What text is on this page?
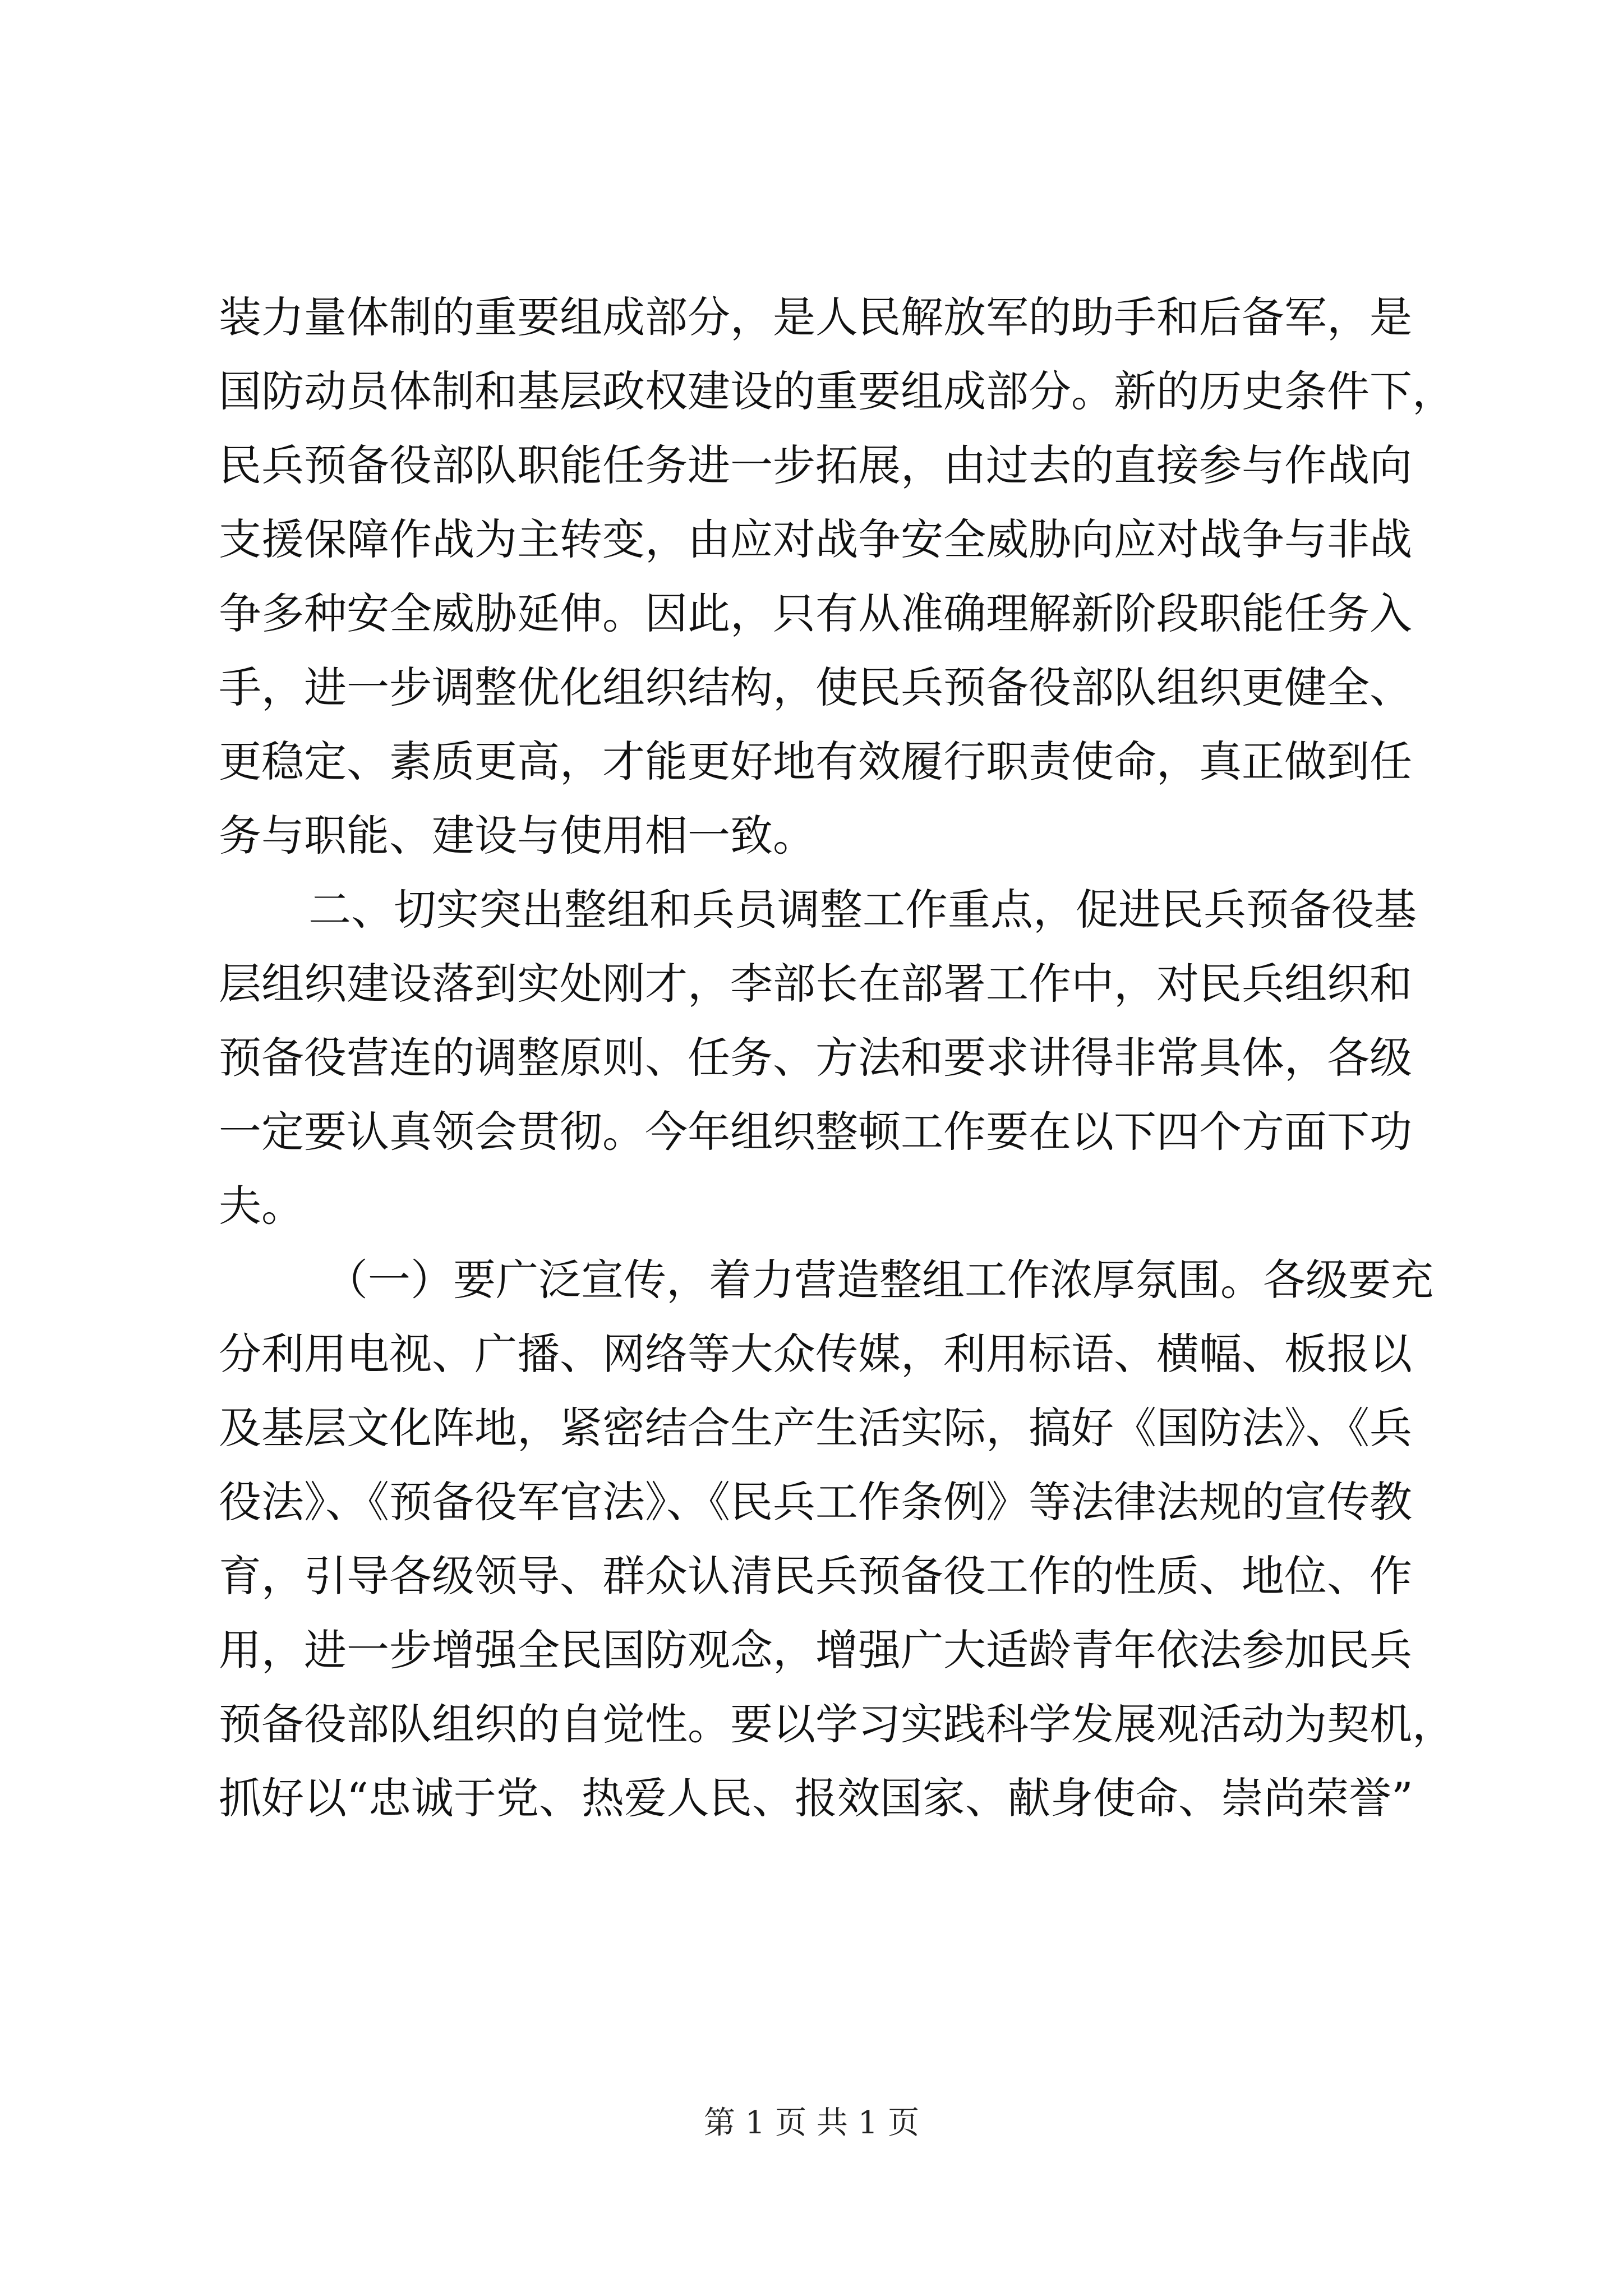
装力量体制的重要组成部分，是人民解放军的助手和后备军，是
国防动员体制和基层政权建设的重要组成部分。新的历史条件下，
民兵预备役部队职能任务进一步拓展，由过去的直接参与作战向
支援保障作战为主转变，由应对战争安全威胁向应对战争与非战
争多种安全威胁延伸。因此，只有从准确理解新阶段职能任务入
手，进一步调整优化组织结构，使民兵预备役部队组织更健全、
更稳定、素质更高，才能更好地有效履行职责使命，真正做到任
务与职能、建设与使用相一致。
二、切实突出整组和兵员调整工作重点，促进民兵预备役基
层组织建设落到实处刚才，李部长在部署工作中，对民兵组织和
预备役营连的调整原则、任务、方法和要求讲得非常具体，各级
一定要认真领会贯彻。今年组织整顿工作要在以下四个方面下功
夫。
（一）要广泛宣传，着力营造整组工作浓厚氛围。各级要充
分利用电视、广播、网络等大众传媒，利用标语、横幅、板报以
及基层文化阵地，紧密结合生产生活实际，搞好《国防法》、《兵
役法》、《预备役军官法》、《民兵工作条例》等法律法规的宣传教
育，引导各级领导、群众认清民兵预备役工作的性质、地位、作
用，进一步增强全民国防观念，增强广大适龄青年依法参加民兵
预备役部队组织的自觉性。要以学习实践科学发展观活动为契机，
抓好以“忠诚于党、热爱人民、报效国家、献身使命、崇尚荣誉”
第 1 页 共 1 页
